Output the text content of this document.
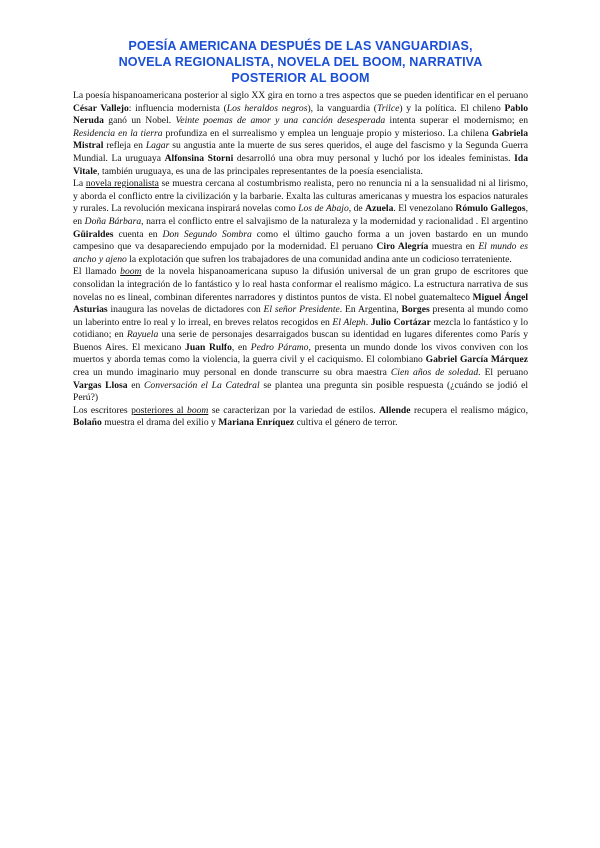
POESÍA AMERICANA DESPUÉS DE LAS VANGUARDIAS,
NOVELA REGIONALISTA, NOVELA DEL BOOM, NARRATIVA
POSTERIOR AL BOOM

La poesía hispanoamericana posterior al siglo XX gira en torno a tres aspectos que se pueden identificar en el peruano César Vallejo: influencia modernista (Los heraldos negros), la vanguardia (Trilce) y la política. El chileno Pablo Neruda ganó un Nobel. Veinte poemas de amor y una canción desesperada intenta superar el modernismo; en Residencia en la tierra profundiza en el surrealismo y emplea un lenguaje propio y misterioso. La chilena Gabriela Mistral refleja en Lagar su angustia ante la muerte de sus seres queridos, el auge del fascismo y la Segunda Guerra Mundial. La uruguaya Alfonsina Storni desarrolló una obra muy personal y luchó por los ideales feministas. Ida Vitale, también uruguaya, es una de las principales representantes de la poesía esencialista.

La novela regionalista se muestra cercana al costumbrismo realista, pero no renuncia ni a la sensualidad ni al lirismo, y aborda el conflicto entre la civilización y la barbarie. Exalta las culturas americanas y muestra los espacios naturales y rurales. La revolución mexicana inspirará novelas como Los de Abajo, de Azuela. El venezolano Rómulo Gallegos, en Doña Bárbara, narra el conflicto entre el salvajismo de la naturaleza y la modernidad y racionalidad . El argentino Güiraldes cuenta en Don Segundo Sombra como el último gaucho forma a un joven bastardo en un mundo campesino que va desapareciendo empujado por la modernidad. El peruano Ciro Alegría muestra en El mundo es ancho y ajeno la explotación que sufren los trabajadores de una comunidad andina ante un codicioso terrateniente.

El llamado boom de la novela hispanoamericana supuso la difusión universal de un gran grupo de escritores que consolidan la integración de lo fantástico y lo real hasta conformar el realismo mágico. La estructura narrativa de sus novelas no es lineal, combinan diferentes narradores y distintos puntos de vista. El nobel guatemalteco Miguel Ángel Asturias inaugura las novelas de dictadores con El señor Presidente. En Argentina, Borges presenta al mundo como un laberinto entre lo real y lo irreal, en breves relatos recogidos en El Aleph. Julio Cortázar mezcla lo fantástico y lo cotidiano; en Rayuela una serie de personajes desarraigados buscan su identidad en lugares diferentes como París y Buenos Aires. El mexicano Juan Rulfo, en Pedro Páramo, presenta un mundo donde los vivos conviven con los muertos y aborda temas como la violencia, la guerra civil y el caciquismo. El colombiano Gabriel García Márquez crea un mundo imaginario muy personal en donde transcurre su obra maestra Cien años de soledad. El peruano Vargas Llosa en Conversación el La Catedral se plantea una pregunta sin posible respuesta (¿cuándo se jodió el Perú?)

Los escritores posteriores al boom se caracterizan por la variedad de estilos. Allende recupera el realismo mágico, Bolaño muestra el drama del exilio y Mariana Enríquez cultiva el género de terror.
